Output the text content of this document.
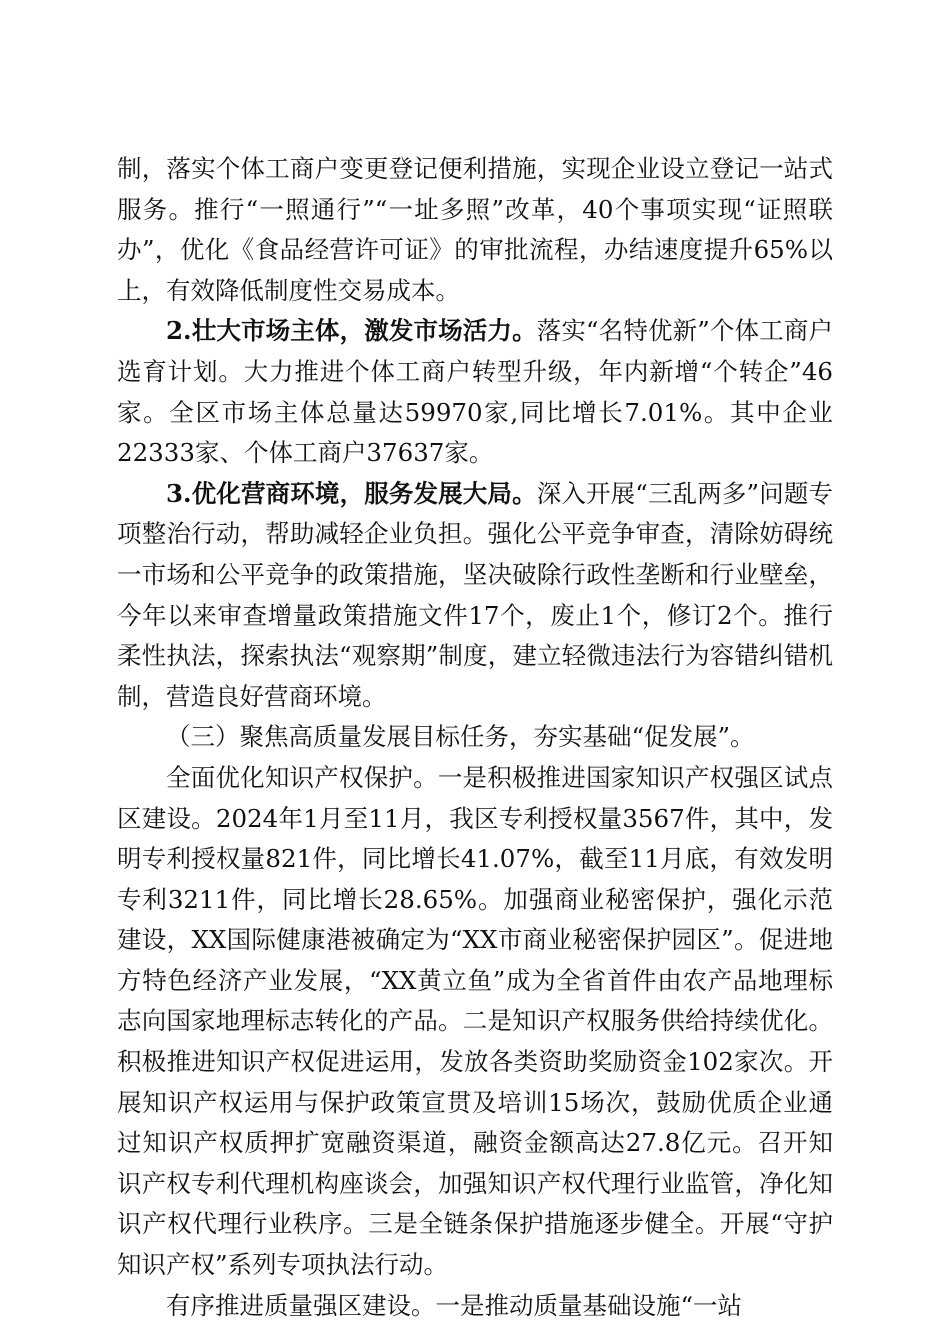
制，落实个体工商户变更登记便利措施，实现企业设立登记一站式服务。推行“一照通行”“一址多照”改革，40个事项实现“证照联办”，优化《食品经营许可证》的审批流程，办结速度提升65%以上，有效降低制度性交易成本。

2.壮大市场主体，激发市场活力。落实“名特优新”个体工商户选育计划。大力推进个体工商户转型升级，年内新增“个转企”46家。全区市场主体总量达59970家,同比增长7.01%。其中企业22333家、个体工商户37637家。

3.优化营商环境，服务发展大局。深入开展“三乱两多”问题专项整治行动，帮助减轻企业负担。强化公平竞争审查，清除妨碍统一市场和公平竞争的政策措施，坚决破除行政性垄断和行业壁垒，今年以来审查增量政策措施文件17个，废止1个，修订2个。推行柔性执法，探索执法“观察期”制度，建立轻微违法行为容错纠错机制，营造良好营商环境。

（三）聚焦高质量发展目标任务，夯实基础“促发展”。

全面优化知识产权保护。一是积极推进国家知识产权强区试点区建设。2024年1月至11月，我区专利授权量3567件，其中，发明专利授权量821件，同比增长41.07%，截至11月底，有效发明专利3211件，同比增长28.65%。加强商业秘密保护，强化示范建设，XX国际健康港被确定为“XX市商业秘密保护园区”。促进地方特色经济产业发展，“XX黄立鱼”成为全省首件由农产品地理标志向国家地理标志转化的产品。二是知识产权服务供给持续优化。积极推进知识产权促进运用，发放各类资助奖励资金102家次。开展知识产权运用与保护政策宣贯及培训15场次，鼓励优质企业通过知识产权质押扩宽融资渠道，融资金额高达27.8亿元。召开知识产权专利代理机构座谈会，加强知识产权代理行业监管，净化知识产权代理行业秩序。三是全链条保护措施逐步健全。开展“守护知识产权”系列专项执法行动。

有序推进质量强区建设。一是推动质量基础设施“一站
